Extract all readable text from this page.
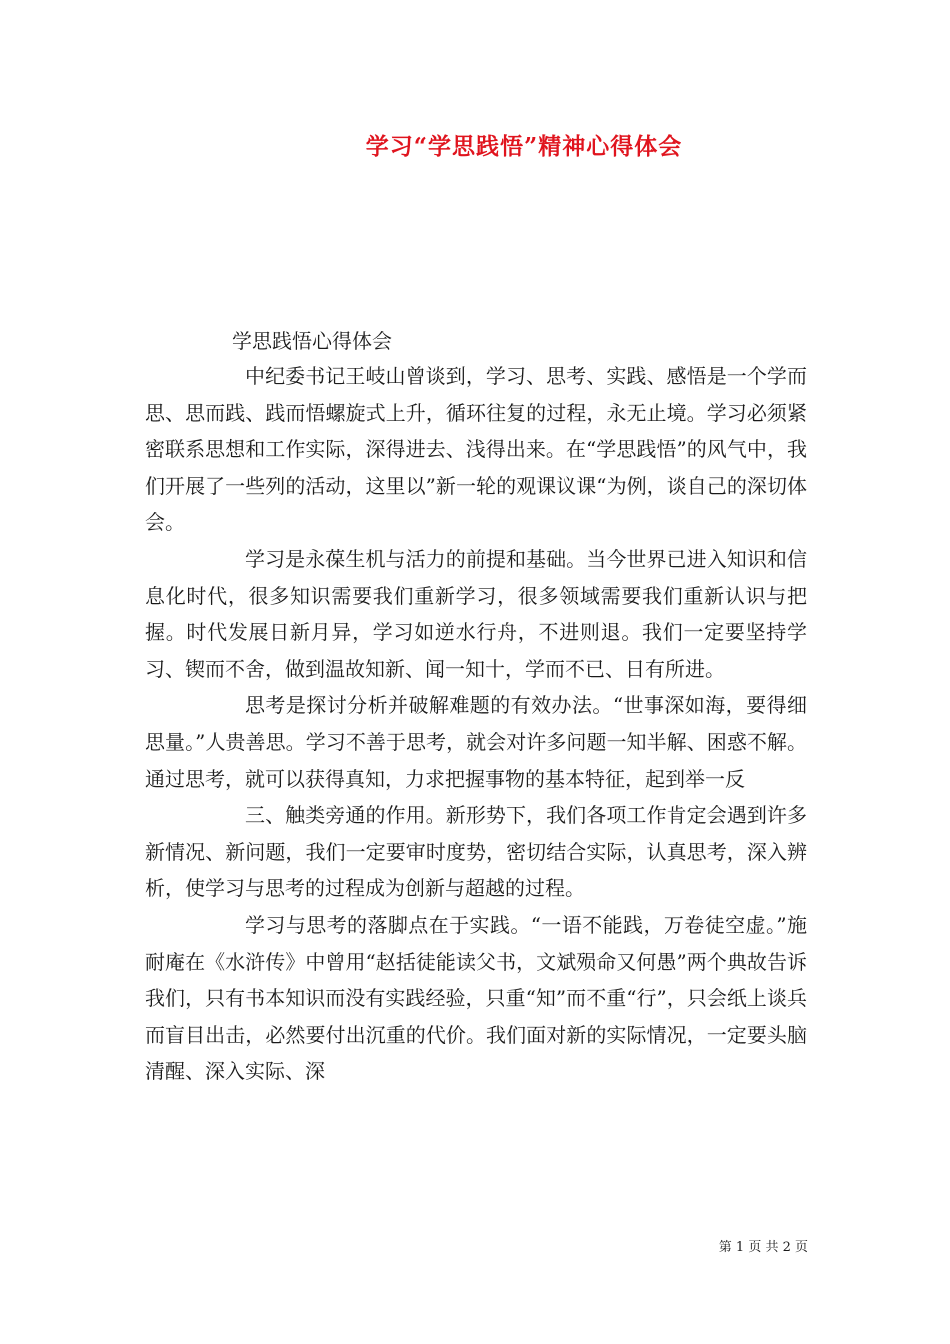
学习“学思践悟”精神心得体会
学思践悟心得体会

中纪委书记王岐山曾谈到，学习、思考、实践、感悟是一个学而思、思而践、践而悟螺旋式上升，循环往复的过程，永无止境。学习必须紧密联系思想和工作实际，深得进去、浅得出来。在“学思践悟”的风气中，我们开展了一些列的活动，这里以”新一轮的观课议课“为例，谈自己的深切体会。

学习是永葆生机与活力的前提和基础。当今世界已进入知识和信息化时代，很多知识需要我们重新学习，很多领域需要我们重新认识与把握。时代发展日新月异，学习如逆水行舟，不进则退。我们一定要坚持学习、锲而不舍，做到温故知新、闻一知十，学而不已、日有所进。

思考是探讨分析并破解难题的有效办法。“世事深如海，要得细思量。”人贵善思。学习不善于思考，就会对许多问题一知半解、困惑不解。通过思考，就可以获得真知，力求把握事物的基本特征，起到举一反

三、触类旁通的作用。新形势下，我们各项工作肯定会遇到许多新情况、新问题，我们一定要审时度势，密切结合实际，认真思考，深入辨析，使学习与思考的过程成为创新与超越的过程。

学习与思考的落脚点在于实践。“一语不能践，万卷徒空虚。”施耐庵在《水浒传》中曾用“赵括徒能读父书，文斌殒命又何愚”两个典故告诉我们，只有书本知识而没有实践经验，只重“知”而不重“行”，只会纸上谈兵而盲目出击，必然要付出沉重的代价。我们面对新的实际情况，一定要头脑清醒、深入实际、深

第 1 页 共 2 页
